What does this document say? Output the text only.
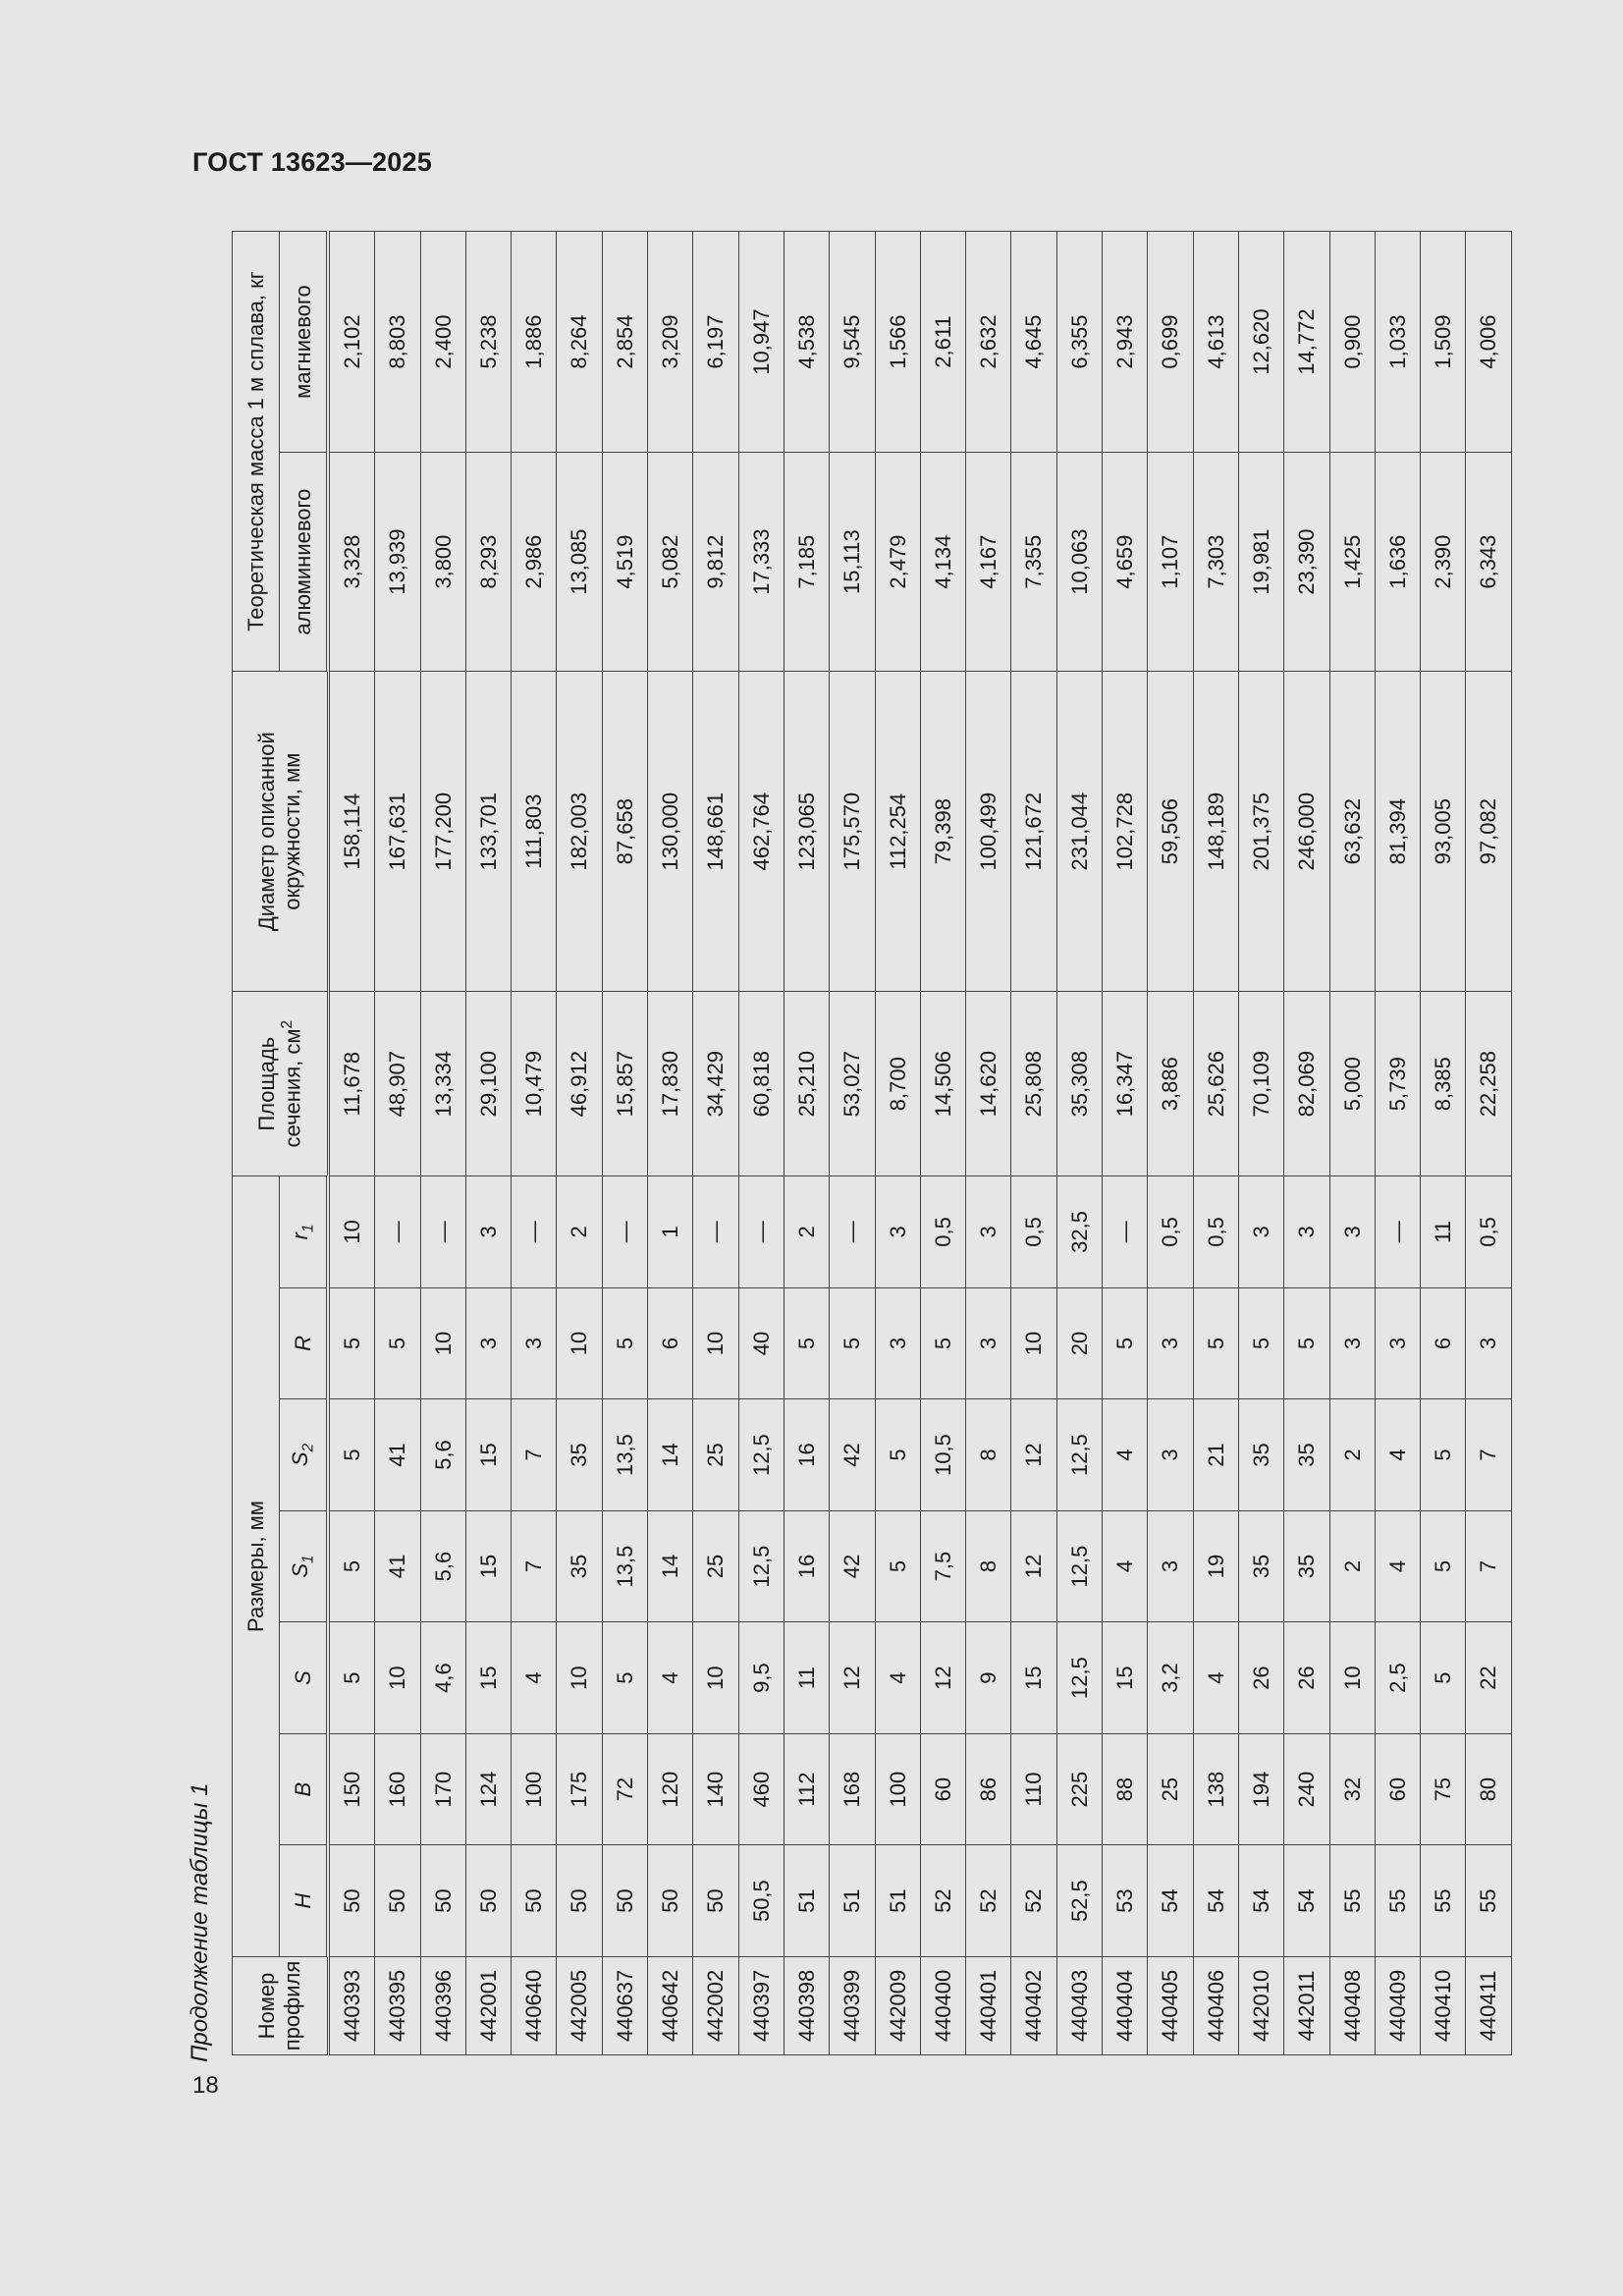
ГОСТ 13623—2025
Продолжение таблицы 1
18
Номер профиля	Размеры, мм							Площадь сечения, $см^2$	Диаметр описанной окружности, мм	Теоретическая масса 1 м сплава, кг	
	H	B	S	$S_1$	$S_2$	R	$r_1$			алюминиевого	магниевого
440393	50	150	5	5	5	5	10	11,678	158,114	3,328	2,102
440395	50	160	10	41	41	5	—	48,907	167,631	13,939	8,803
440396	50	170	4,6	5,6	5,6	10	—	13,334	177,200	3,800	2,400
442001	50	124	15	15	15	3	3	29,100	133,701	8,293	5,238
440640	50	100	4	7	7	3	—	10,479	111,803	2,986	1,886
442005	50	175	10	35	35	10	2	46,912	182,003	13,085	8,264
440637	50	72	5	13,5	13,5	5	—	15,857	87,658	4,519	2,854
440642	50	120	4	14	14	6	1	17,830	130,000	5,082	3,209
442002	50	140	10	25	25	10	—	34,429	148,661	9,812	6,197
440397	50,5	460	9,5	12,5	12,5	40	—	60,818	462,764	17,333	10,947
440398	51	112	11	16	16	5	2	25,210	123,065	7,185	4,538
440399	51	168	12	42	42	5	—	53,027	175,570	15,113	9,545
442009	51	100	4	5	5	3	3	8,700	112,254	2,479	1,566
440400	52	60	12	7,5	10,5	5	0,5	14,506	79,398	4,134	2,611
440401	52	86	9	8	8	3	3	14,620	100,499	4,167	2,632
440402	52	110	15	12	12	10	0,5	25,808	121,672	7,355	4,645
440403	52,5	225	12,5	12,5	12,5	20	32,5	35,308	231,044	10,063	6,355
440404	53	88	15	4	4	5	—	16,347	102,728	4,659	2,943
440405	54	25	3,2	3	3	3	0,5	3,886	59,506	1,107	0,699
440406	54	138	4	19	21	5	0,5	25,626	148,189	7,303	4,613
442010	54	194	26	35	35	5	3	70,109	201,375	19,981	12,620
442011	54	240	26	35	35	5	3	82,069	246,000	23,390	14,772
440408	55	32	10	2	2	3	3	5,000	63,632	1,425	0,900
440409	55	60	2,5	4	4	3	—	5,739	81,394	1,636	1,033
440410	55	75	5	5	5	6	11	8,385	93,005	2,390	1,509
440411	55	80	22	7	7	3	0,5	22,258	97,082	6,343	4,006
